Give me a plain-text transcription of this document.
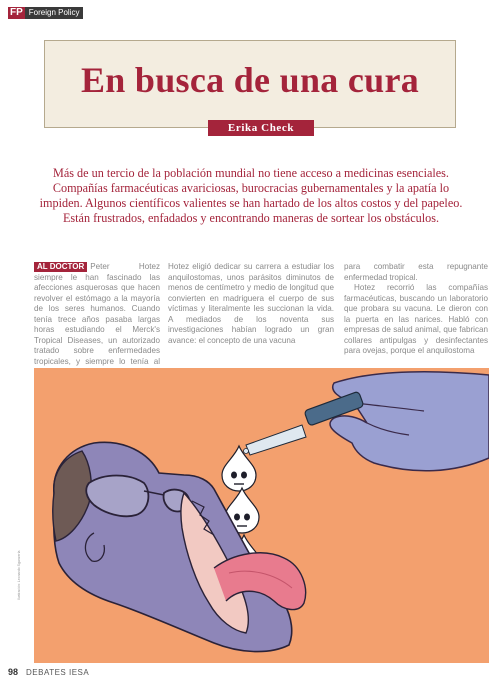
FP Foreign Policy
En busca de una cura
Erika Check
Más de un tercio de la población mundial no tiene acceso a medicinas esenciales. Compañías farmacéuticas avariciosas, burocracias gubernamentales y la apatía lo impiden. Algunos científicos valientes se han hartado de los altos costos y del papeleo. Están frustrados, enfadados y encontrando maneras de sortear los obstáculos.

AL DOCTOR Peter Hotez siempre le han fascinado las afecciones asquerosas que hacen revolver el estómago a la mayoría de los seres humanos. Cuando tenía trece años pasaba largas horas estudiando el Merck's Tropical Diseases, un autorizado tratado sobre enfermedades tropicales, y siempre lo tenía al

Hotez eligió dedicar su carrera a estudiar los anquilostomas, unos parásitos diminutos de menos de centímetro y medio de longitud que convierten en madriguera el cuerpo de sus víctimas y literalmente les succionan la vida. A mediados de los noventa sus investigaciones habían logrado un gran avance: el concepto de una vacuna

para combatir esta repugnante enfermedad tropical.

Hotez recorrió las compañías farmacéuticas, buscando un laboratorio que probara su vacuna. Le dieron con la puerta en las narices. Habló con empresas de salud animal, que fabrican collares antipulgas y desinfectantes para ovejas, porque el anquilostoma

Ilustración: Leonardo Sganzerla
98 DEBATES IESA
